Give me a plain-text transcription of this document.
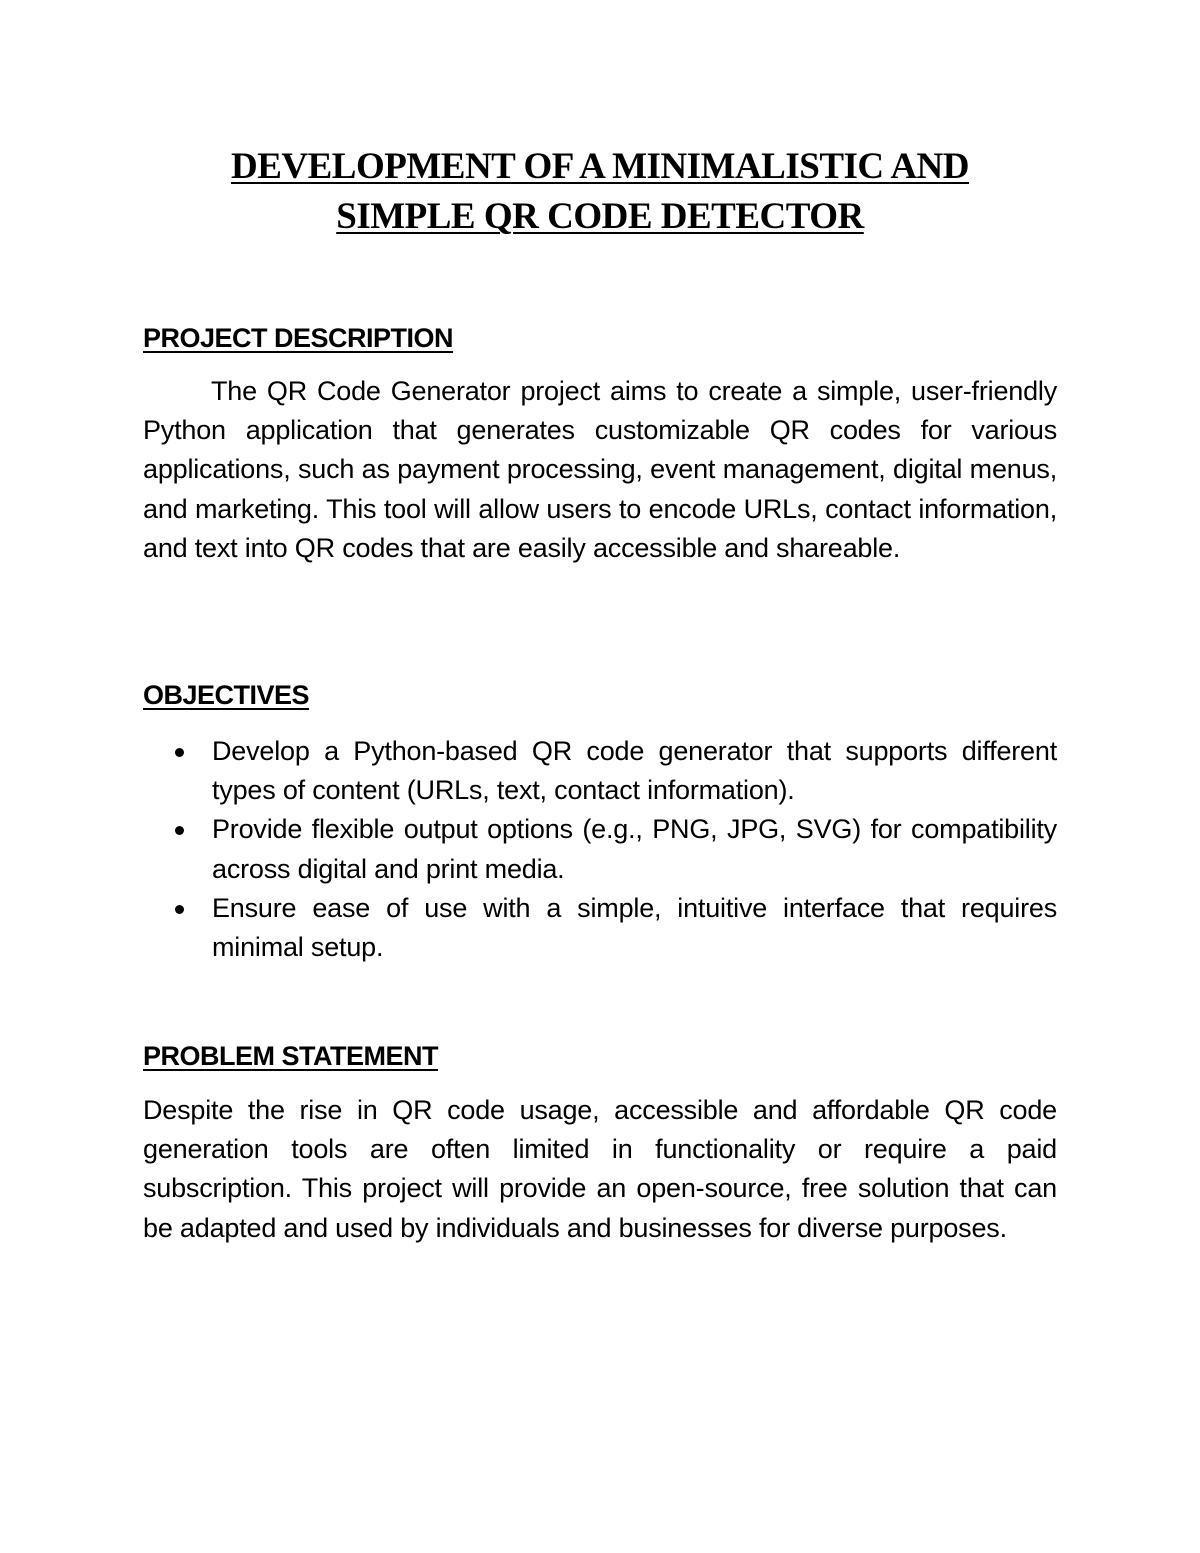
DEVELOPMENT OF A MINIMALISTIC AND
SIMPLE QR CODE DETECTOR
PROJECT DESCRIPTION

The QR Code Generator project aims to create a simple, user-friendly Python application that generates customizable QR codes for various applications, such as payment processing, event management, digital menus, and marketing. This tool will allow users to encode URLs, contact information, and text into QR codes that are easily accessible and shareable.

OBJECTIVES
Develop a Python-based QR code generator that supports different types of content (URLs, text, contact information).
Provide flexible output options (e.g., PNG, JPG, SVG) for compatibility across digital and print media.
Ensure ease of use with a simple, intuitive interface that requires minimal setup.
PROBLEM STATEMENT

Despite the rise in QR code usage, accessible and affordable QR code generation tools are often limited in functionality or require a paid subscription. This project will provide an open-source, free solution that can be adapted and used by individuals and businesses for diverse purposes.
